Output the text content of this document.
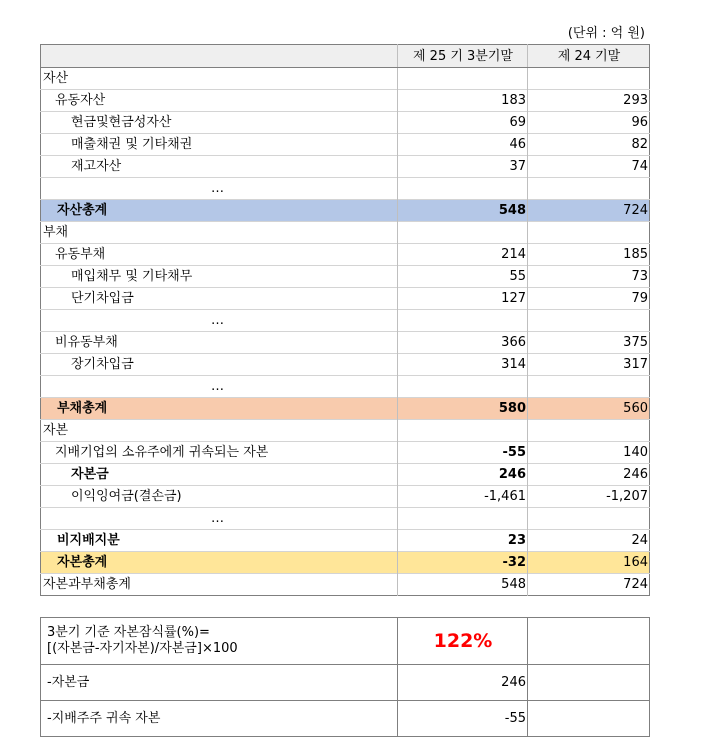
(단위 : 억 원)
	제 25 기 3분기말	제 24 기말
자산		
유동자산	183	293
현금및현금성자산	69	96
매출채권 및 기타채권	46	82
재고자산	37	74
…		
자산총계	548	724
부채		
유동부채	214	185
매입채무 및 기타채무	55	73
단기차입금	127	79
…		
비유동부채	366	375
장기차입금	314	317
…		
부채총계	580	560
자본		
지배기업의 소유주에게 귀속되는 자본	-55	140
자본금	246	246
이익잉여금(결손금)	-1,461	-1,207
…		
비지배지분	23	24
자본총계	-32	164
자본과부채총계	548	724
3분기 기준 자본잠식률(%)=
[(자본금-자기자본)/자본금]×100	122%	
-자본금	246	
-지배주주 귀속 자본	-55	
